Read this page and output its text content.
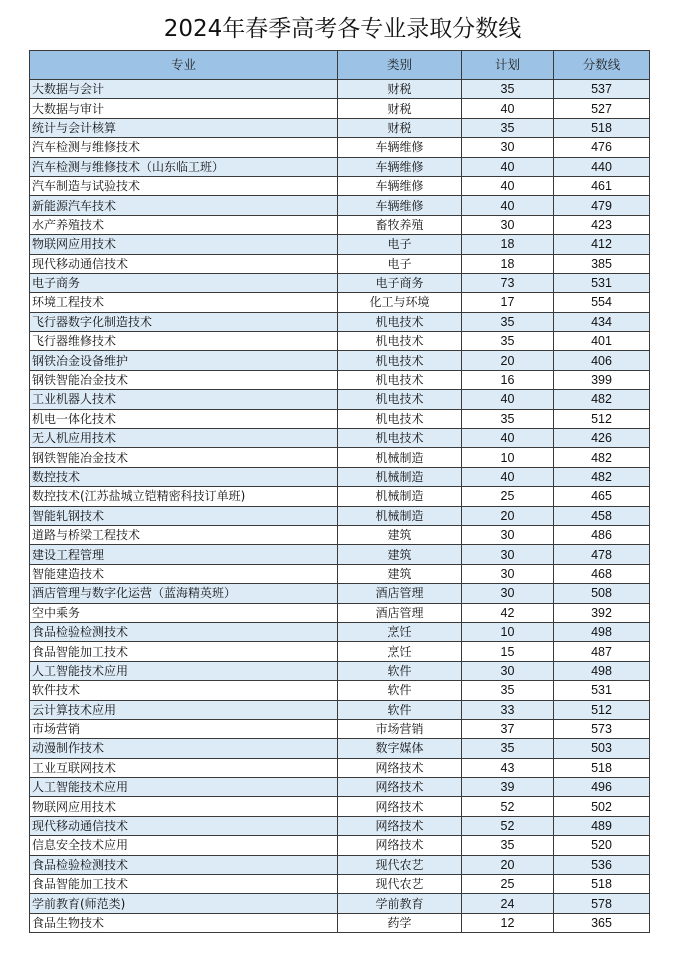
2024年春季高考各专业录取分数线
专业	类别	计划	分数线
大数据与会计	财税	35	537
大数据与审计	财税	40	527
统计与会计核算	财税	35	518
汽车检测与维修技术	车辆维修	30	476
汽车检测与维修技术（山东临工班）	车辆维修	40	440
汽车制造与试验技术	车辆维修	40	461
新能源汽车技术	车辆维修	40	479
水产养殖技术	畜牧养殖	30	423
物联网应用技术	电子	18	412
现代移动通信技术	电子	18	385
电子商务	电子商务	73	531
环境工程技术	化工与环境	17	554
飞行器数字化制造技术	机电技术	35	434
飞行器维修技术	机电技术	35	401
钢铁冶金设备维护	机电技术	20	406
钢铁智能冶金技术	机电技术	16	399
工业机器人技术	机电技术	40	482
机电一体化技术	机电技术	35	512
无人机应用技术	机电技术	40	426
钢铁智能冶金技术	机械制造	10	482
数控技术	机械制造	40	482
数控技术(江苏盐城立铠精密科技订单班)	机械制造	25	465
智能轧钢技术	机械制造	20	458
道路与桥梁工程技术	建筑	30	486
建设工程管理	建筑	30	478
智能建造技术	建筑	30	468
酒店管理与数字化运营（蓝海精英班）	酒店管理	30	508
空中乘务	酒店管理	42	392
食品检验检测技术	烹饪	10	498
食品智能加工技术	烹饪	15	487
人工智能技术应用	软件	30	498
软件技术	软件	35	531
云计算技术应用	软件	33	512
市场营销	市场营销	37	573
动漫制作技术	数字媒体	35	503
工业互联网技术	网络技术	43	518
人工智能技术应用	网络技术	39	496
物联网应用技术	网络技术	52	502
现代移动通信技术	网络技术	52	489
信息安全技术应用	网络技术	35	520
食品检验检测技术	现代农艺	20	536
食品智能加工技术	现代农艺	25	518
学前教育(师范类)	学前教育	24	578
食品生物技术	药学	12	365
